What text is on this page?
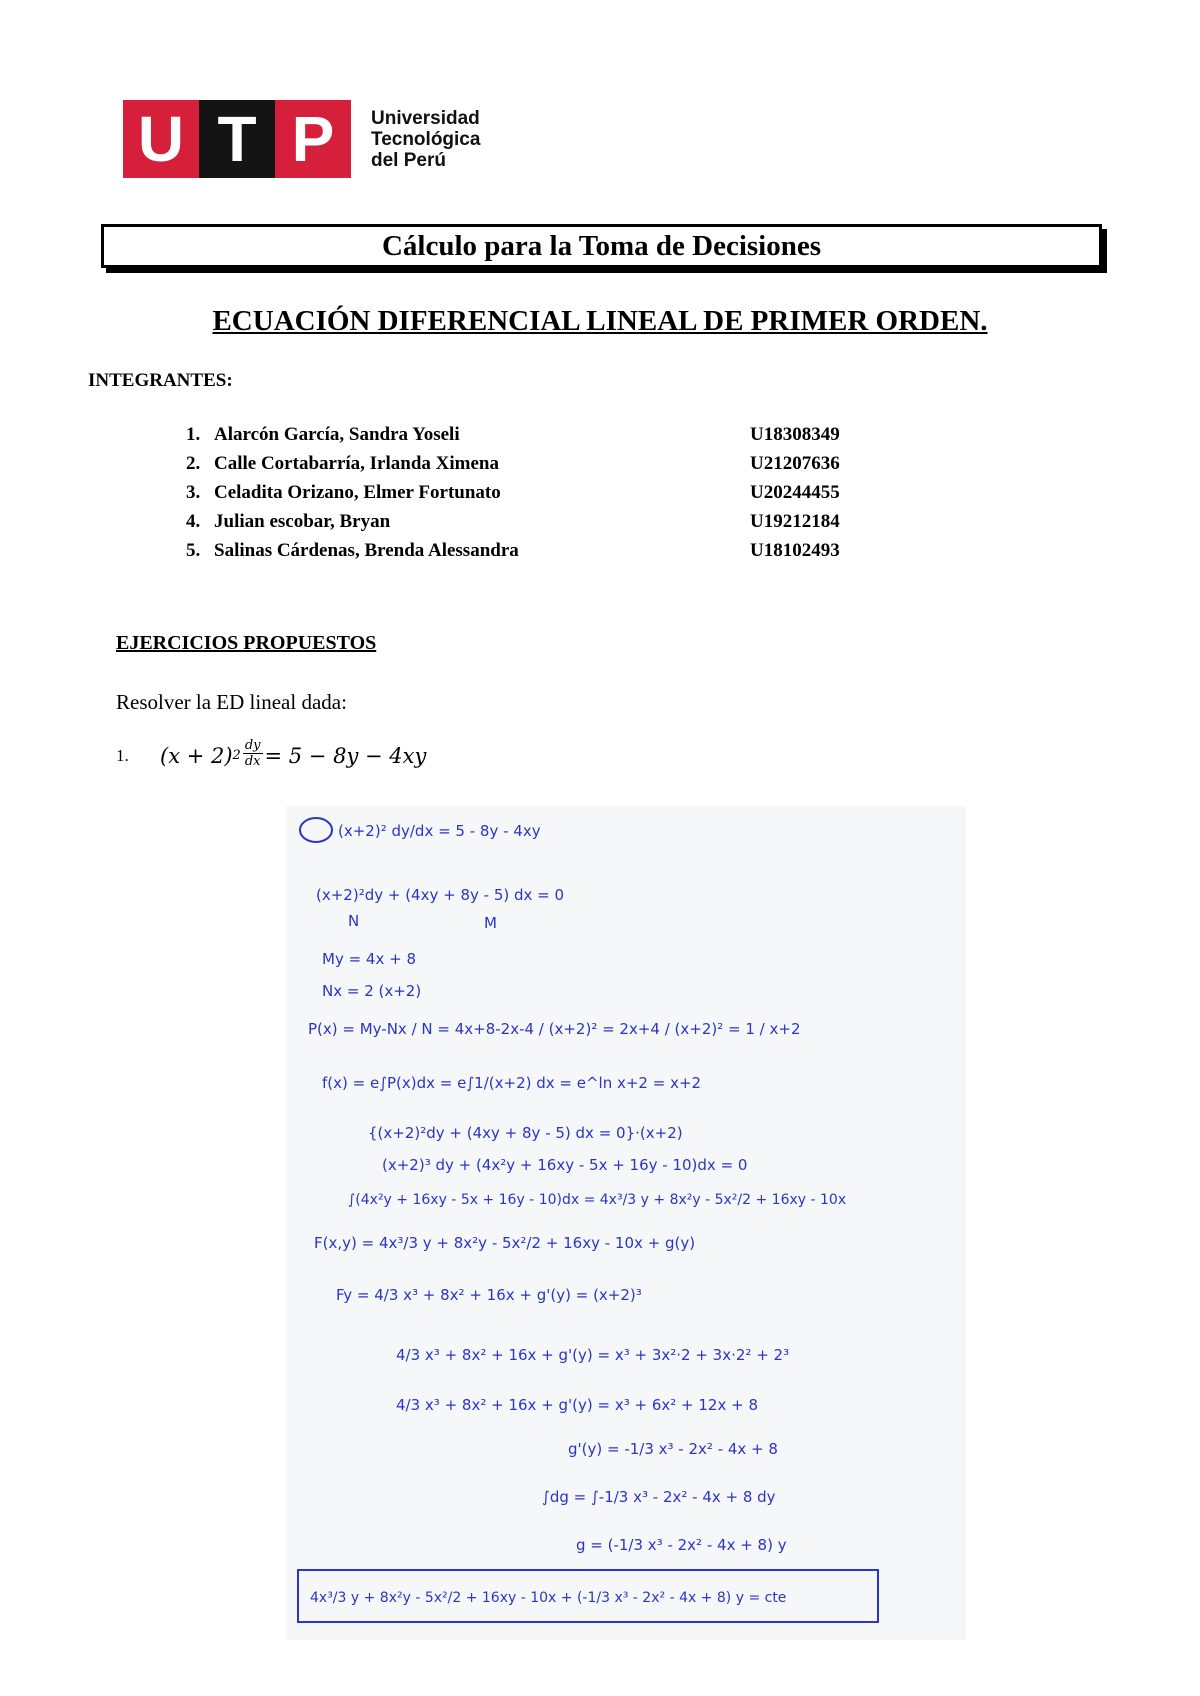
U T P	Universidad
Tecnológica
del Perú
Cálculo para la Toma de Decisiones
ECUACIÓN DIFERENCIAL LINEAL DE PRIMER ORDEN.
INTEGRANTES:
1. Alarcón García, Sandra Yoseli	U18308349
2. Calle Cortabarría, Irlanda Ximena	U21207636
3. Celadita Orizano, Elmer Fortunato	U20244455
4. Julian escobar, Bryan	U19212184
5. Salinas Cárdenas, Brenda Alessandra	U18102493
EJERCICIOS PROPUESTOS
Resolver la ED lineal dada:
1.	(x + 2) $2 \frac{dy}{dx} = 5 - 8y - 4xy$
(x+2)² dy/dx = 5 - 8y - 4xy
(x+2)²dy + (4xy + 8y - 5) dx = 0
N	M
My = 4x + 8
Nx = 2 (x+2)
P(x) = My-Nx / N = 4x+8-2x-4 / (x+2)² = 2x+4 / (x+2)² = 1 / x+2
f(x) = e∫P(x)dx = e∫1/(x+2) dx = e^ln x+2 = x+2
{(x+2)²dy + (4xy + 8y - 5) dx = 0}·(x+2)
(x+2)³ dy + (4x²y + 16xy - 5x + 16y - 10)dx = 0
∫(4x²y + 16xy - 5x + 16y - 10)dx = 4x³/3 y + 8x²y - 5x²/2 + 16xy - 10x
F(x,y) = 4x³/3 y + 8x²y - 5x²/2 + 16xy - 10x + g(y)
Fy = 4/3 x³ + 8x² + 16x + g'(y) = (x+2)³
4/3 x³ + 8x² + 16x + g'(y) = x³ + 3x²·2 + 3x·2² + 2³
4/3 x³ + 8x² + 16x + g'(y) = x³ + 6x² + 12x + 8
g'(y) = -1/3 x³ - 2x² - 4x + 8
∫dg = ∫-1/3 x³ - 2x² - 4x + 8 dy
g = (-1/3 x³ - 2x² - 4x + 8) y
4x³/3 y + 8x²y - 5x²/2 + 16xy - 10x + (-1/3 x³ - 2x² - 4x + 8) y = cte
